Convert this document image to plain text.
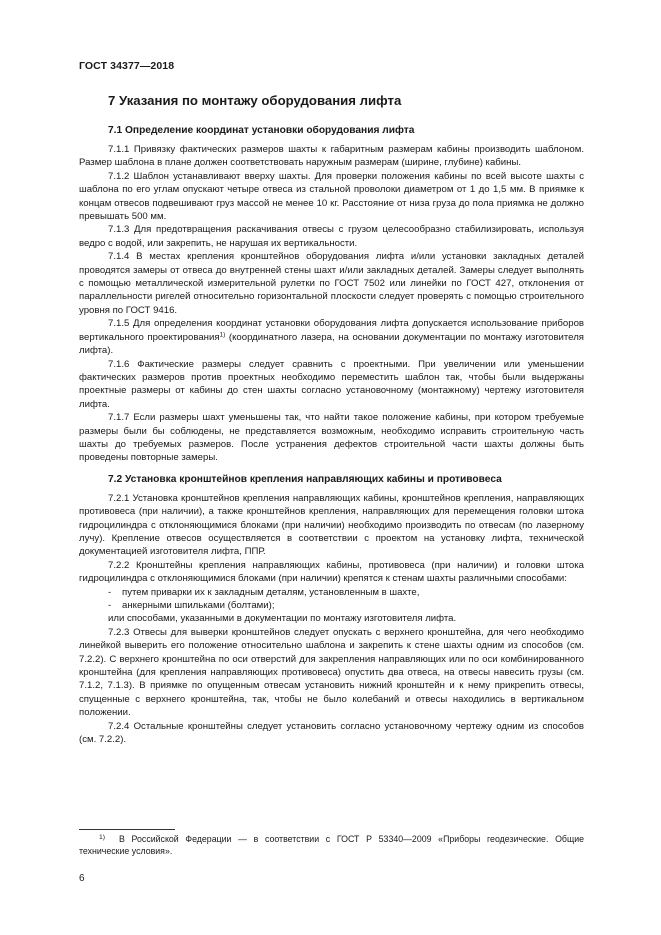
ГОСТ 34377—2018
7 Указания по монтажу оборудования лифта
7.1 Определение координат установки оборудования лифта

7.1.1 Привязку фактических размеров шахты к габаритным размерам кабины производить шаблоном. Размер шаблона в плане должен соответствовать наружным размерам (ширине, глубине) кабины.

7.1.2 Шаблон устанавливают вверху шахты. Для проверки положения кабины по всей высоте шахты с шаблона по его углам опускают четыре отвеса из стальной проволоки диаметром от 1 до 1,5 мм. В приямке к концам отвесов подвешивают груз массой не менее 10 кг. Расстояние от низа груза до пола приямка не должно превышать 500 мм.

7.1.3 Для предотвращения раскачивания отвесы с грузом целесообразно стабилизировать, используя ведро с водой, или закрепить, не нарушая их вертикальности.

7.1.4 В местах крепления кронштейнов оборудования лифта и/или установки закладных деталей проводятся замеры от отвеса до внутренней стены шахт и/или закладных деталей. Замеры следует выполнять с помощью металлической измерительной рулетки по ГОСТ 7502 или линейки по ГОСТ 427, отклонения от параллельности ригелей относительно горизонтальной плоскости следует проверять с помощью строительного уровня по ГОСТ 9416.

7.1.5 Для определения координат установки оборудования лифта допускается использование приборов вертикального проектирования$^{1)}$ (координатного лазера, на основании документации по монтажу изготовителя лифта).

7.1.6 Фактические размеры следует сравнить с проектными. При увеличении или уменьшении фактических размеров против проектных необходимо переместить шаблон так, чтобы были выдержаны проектные размеры от кабины до стен шахты согласно установочному (монтажному) чертежу изготовителя лифта.

7.1.7 Если размеры шахт уменьшены так, что найти такое положение кабины, при котором требуемые размеры были бы соблюдены, не представляется возможным, необходимо исправить строительную часть шахты до требуемых размеров. После устранения дефектов строительной части шахты должны быть проведены повторные замеры.

7.2 Установка кронштейнов крепления направляющих кабины и противовеса

7.2.1 Установка кронштейнов крепления направляющих кабины, кронштейнов крепления, направляющих противовеса (при наличии), а также кронштейнов крепления, направляющих для перемещения головки штока гидроцилиндра с отклоняющимися блоками (при наличии) необходимо производить по отвесам (по лазерному лучу). Крепление отвесов осуществляется в соответствии с проектом на установку лифта, технической документацией изготовителя лифта, ППР.

7.2.2 Кронштейны крепления направляющих кабины, противовеса (при наличии) и головки штока гидроцилиндра с отклоняющимися блоками (при наличии) крепятся к стенам шахты различными способами:

-	путем приварки их к закладным деталям, установленным в шахте,
-	анкерными шпильками (болтами);

или способами, указанными в документации по монтажу изготовителя лифта.

7.2.3 Отвесы для выверки кронштейнов следует опускать с верхнего кронштейна, для чего необходимо линейкой выверить его положение относительно шаблона и закрепить к стене шахты одним из способов (см. 7.2.2). С верхнего кронштейна по оси отверстий для закрепления направляющих или по оси комбинированного кронштейна (для крепления направляющих противовеса) опустить два отвеса, на отвесы навесить грузы (см. 7.1.2, 7.1.3). В приямке по опущенным отвесам установить нижний кронштейн и к нему прикрепить отвесы, спущенные с верхнего кронштейна, так, чтобы не было колебаний и отвесы находились в вертикальном положении.

7.2.4 Остальные кронштейны следует установить согласно установочному чертежу одним из способов (см. 7.2.2).

1) В Российской Федерации — в соответствии с ГОСТ Р 53340—2009 «Приборы геодезические. Общие технические условия».
6
